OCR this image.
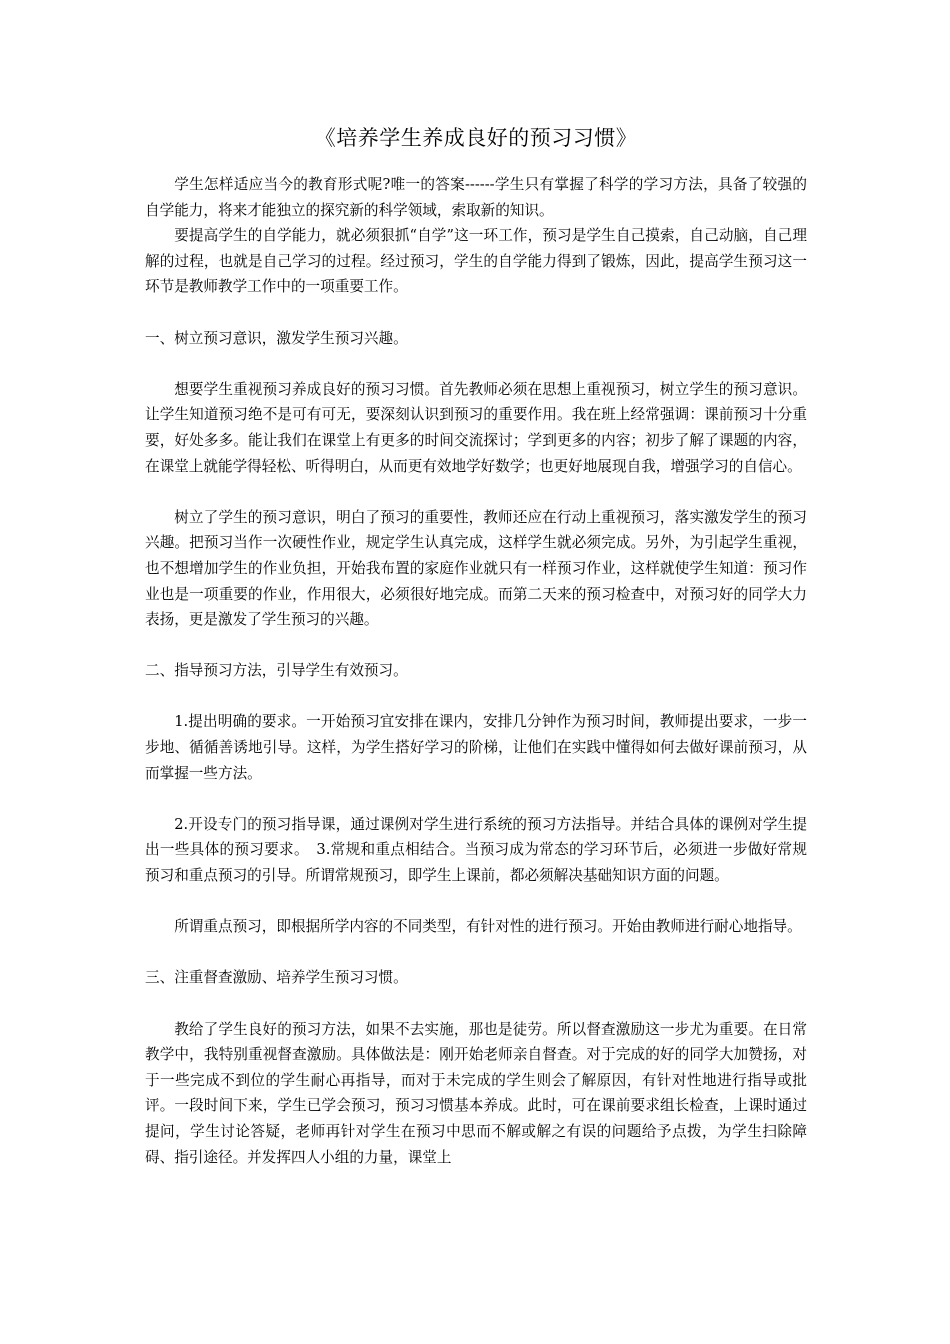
《培养学生养成良好的预习习惯》

学生怎样适应当今的教育形式呢?唯一的答案------学生只有掌握了科学的学习方法，具备了较强的自学能力，将来才能独立的探究新的科学领域，索取新的知识。

要提高学生的自学能力，就必须狠抓“自学”这一环工作，预习是学生自己摸索，自己动脑，自己理解的过程，也就是自己学习的过程。经过预习，学生的自学能力得到了锻炼，因此，提高学生预习这一环节是教师教学工作中的一项重要工作。

一、树立预习意识，激发学生预习兴趣。

想要学生重视预习养成良好的预习习惯。首先教师必须在思想上重视预习，树立学生的预习意识。让学生知道预习绝不是可有可无，要深刻认识到预习的重要作用。我在班上经常强调：课前预习十分重要，好处多多。能让我们在课堂上有更多的时间交流探讨；学到更多的内容；初步了解了课题的内容，在课堂上就能学得轻松、听得明白，从而更有效地学好数学；也更好地展现自我，增强学习的自信心。

树立了学生的预习意识，明白了预习的重要性，教师还应在行动上重视预习，落实激发学生的预习兴趣。把预习当作一次硬性作业，规定学生认真完成，这样学生就必须完成。另外，为引起学生重视，也不想增加学生的作业负担，开始我布置的家庭作业就只有一样预习作业，这样就使学生知道：预习作业也是一项重要的作业，作用很大，必须很好地完成。而第二天来的预习检查中，对预习好的同学大力表扬，更是激发了学生预习的兴趣。

二、指导预习方法，引导学生有效预习。

1.提出明确的要求。一开始预习宜安排在课内，安排几分钟作为预习时间，教师提出要求，一步一步地、循循善诱地引导。这样，为学生搭好学习的阶梯，让他们在实践中懂得如何去做好课前预习，从而掌握一些方法。

2.开设专门的预习指导课，通过课例对学生进行系统的预习方法指导。并结合具体的课例对学生提出一些具体的预习要求。　3.常规和重点相结合。当预习成为常态的学习环节后，必须进一步做好常规预习和重点预习的引导。所谓常规预习，即学生上课前，都必须解决基础知识方面的问题。

所谓重点预习，即根据所学内容的不同类型，有针对性的进行预习。开始由教师进行耐心地指导。

三、注重督查激励、培养学生预习习惯。

教给了学生良好的预习方法，如果不去实施，那也是徒劳。所以督查激励这一步尤为重要。在日常教学中，我特别重视督查激励。具体做法是：刚开始老师亲自督查。对于完成的好的同学大加赞扬，对于一些完成不到位的学生耐心再指导，而对于未完成的学生则会了解原因，有针对性地进行指导或批评。一段时间下来，学生已学会预习，预习习惯基本养成。此时，可在课前要求组长检查，上课时通过提问，学生讨论答疑，老师再针对学生在预习中思而不解或解之有误的问题给予点拨，为学生扫除障碍、指引途径。并发挥四人小组的力量，课堂上
